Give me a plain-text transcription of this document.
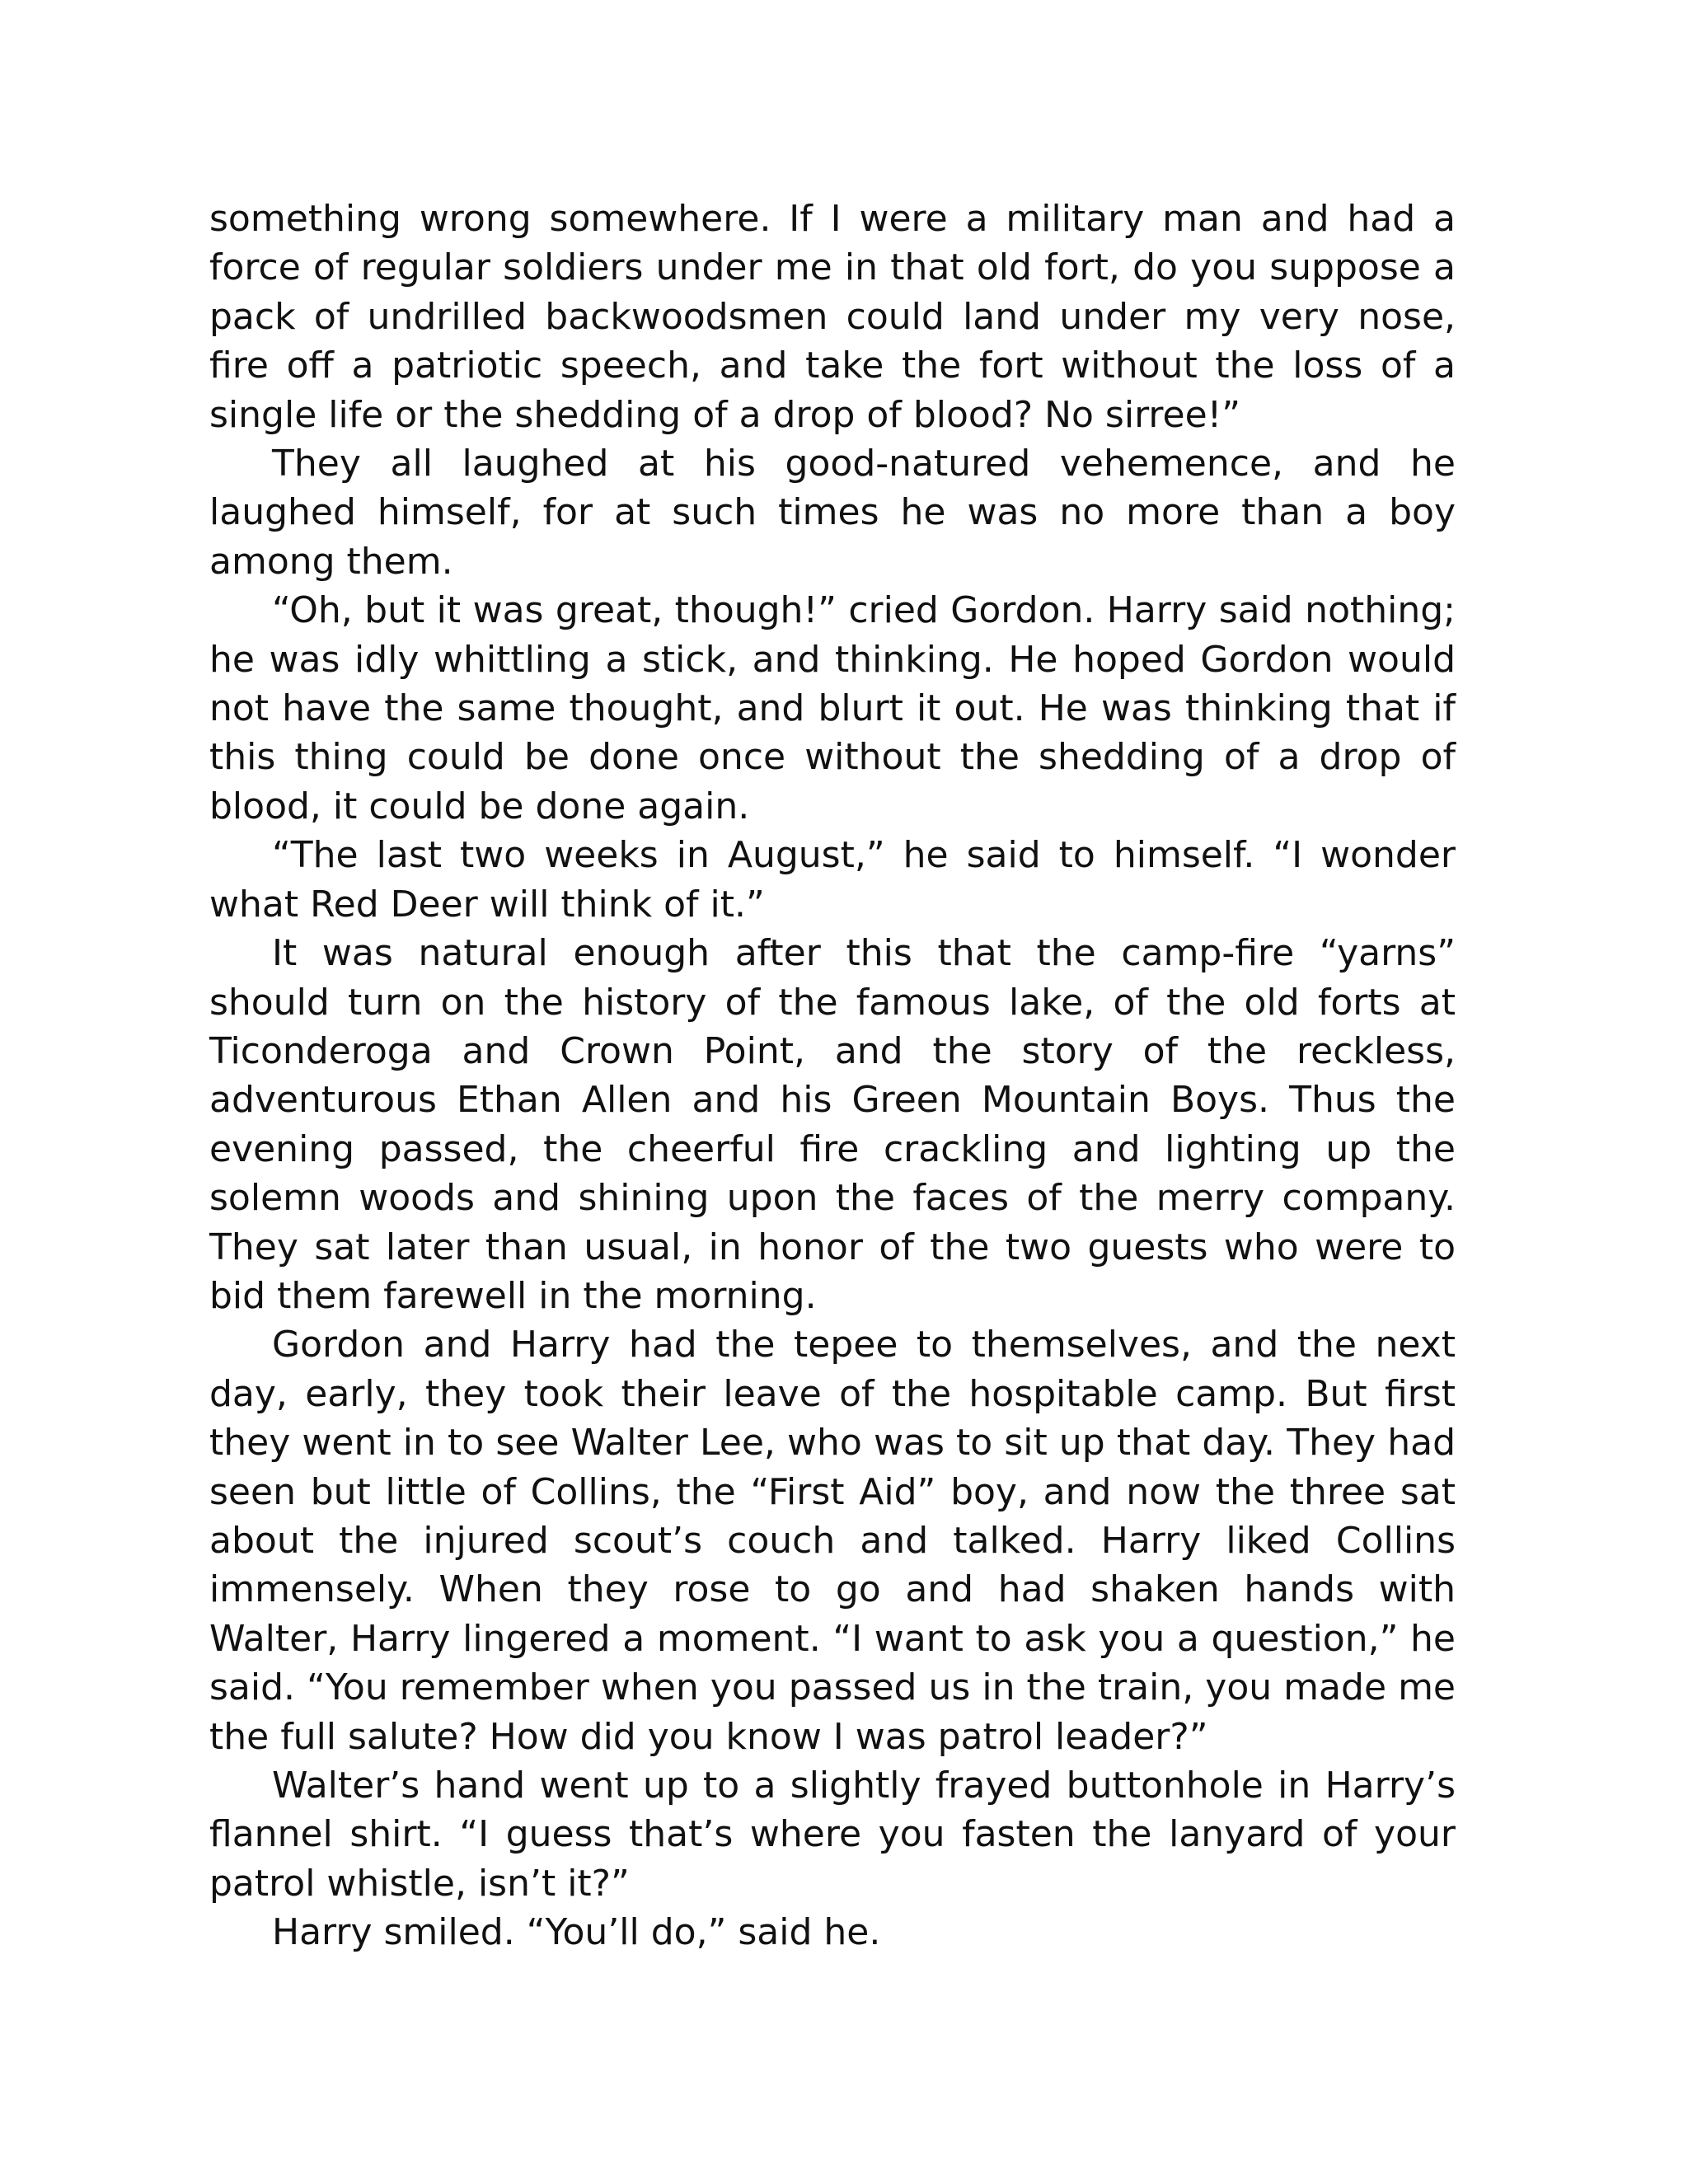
something wrong somewhere. If I were a military man and had a force of regular soldiers under me in that old fort, do you suppose a pack of undrilled backwoodsmen could land under my very nose, fire off a patriotic speech, and take the fort without the loss of a single life or the shedding of a drop of blood? No sirree!”

They all laughed at his good-natured vehemence, and he laughed himself, for at such times he was no more than a boy among them.

“Oh, but it was great, though!” cried Gordon. Harry said nothing; he was idly whittling a stick, and thinking. He hoped Gordon would not have the same thought, and blurt it out. He was thinking that if this thing could be done once without the shedding of a drop of blood, it could be done again.

“The last two weeks in August,” he said to himself. “I wonder what Red Deer will think of it.”

It was natural enough after this that the camp-fire “yarns” should turn on the history of the famous lake, of the old forts at Ticonderoga and Crown Point, and the story of the reckless, adventurous Ethan Allen and his Green Mountain Boys. Thus the evening passed, the cheerful fire crackling and lighting up the solemn woods and shining upon the faces of the merry company. They sat later than usual, in honor of the two guests who were to bid them farewell in the morning.

Gordon and Harry had the tepee to themselves, and the next day, early, they took their leave of the hospitable camp. But first they went in to see Walter Lee, who was to sit up that day. They had seen but little of Collins, the “First Aid” boy, and now the three sat about the injured scout’s couch and talked. Harry liked Collins immensely. When they rose to go and had shaken hands with Walter, Harry lingered a moment. “I want to ask you a question,” he said. “You remember when you passed us in the train, you made me the full salute? How did you know I was patrol leader?”

Walter’s hand went up to a slightly frayed buttonhole in Harry’s flannel shirt. “I guess that’s where you fasten the lanyard of your patrol whistle, isn’t it?”

Harry smiled. “You’ll do,” said he.
